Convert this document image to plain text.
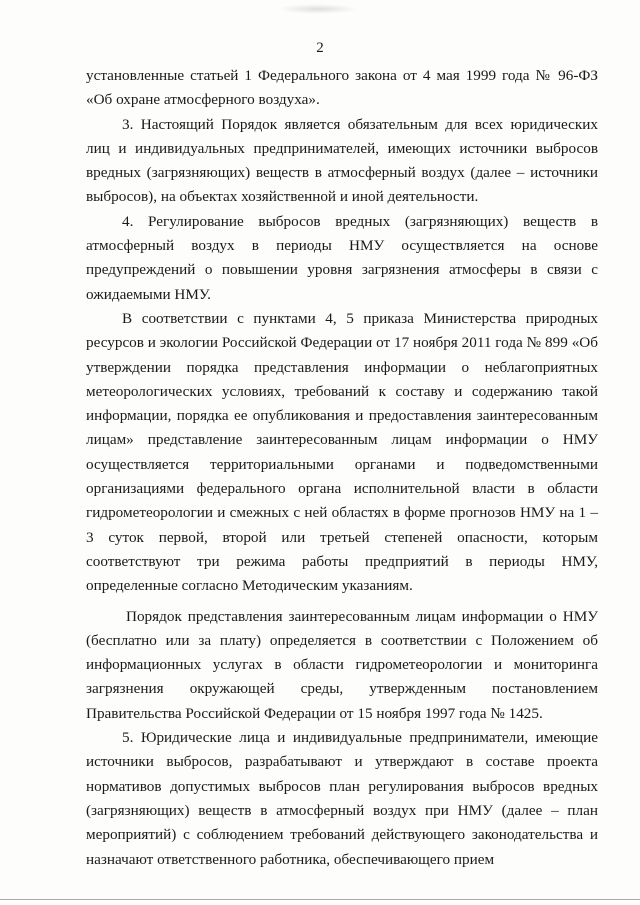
2

установленные статьей 1 Федерального закона от 4 мая 1999 года № 96-ФЗ «Об охране атмосферного воздуха».

3. Настоящий Порядок является обязательным для всех юридических лиц и индивидуальных предпринимателей, имеющих источники выбросов вредных (загрязняющих) веществ в атмосферный воздух (далее – источники выбросов), на объектах хозяйственной и иной деятельности.

4. Регулирование выбросов вредных (загрязняющих) веществ в атмосферный воздух в периоды НМУ осуществляется на основе предупреждений о повышении уровня загрязнения атмосферы в связи с ожидаемыми НМУ.

В соответствии с пунктами 4, 5 приказа Министерства природных ресурсов и экологии Российской Федерации от 17 ноября 2011 года № 899 «Об утверждении порядка представления информации о неблагоприятных метеорологических условиях, требований к составу и содержанию такой информации, порядка ее опубликования и предоставления заинтересованным лицам» представление заинтересованным лицам информации о НМУ осуществляется территориальными органами и подведомственными организациями федерального органа исполнительной власти в области гидрометеорологии и смежных с ней областях в форме прогнозов НМУ на 1 – 3 суток первой, второй или третьей степеней опасности, которым соответствуют три режима работы предприятий в периоды НМУ, определенные согласно Методическим указаниям.

Порядок представления заинтересованным лицам информации о НМУ (бесплатно или за плату) определяется в соответствии с Положением об информационных услугах в области гидрометеорологии и мониторинга загрязнения окружающей среды, утвержденным постановлением Правительства Российской Федерации от 15 ноября 1997 года № 1425.

5. Юридические лица и индивидуальные предприниматели, имеющие источники выбросов, разрабатывают и утверждают в составе проекта нормативов допустимых выбросов план регулирования выбросов вредных (загрязняющих) веществ в атмосферный воздух при НМУ (далее – план мероприятий) с соблюдением требований действующего законодательства и назначают ответственного работника, обеспечивающего прием
